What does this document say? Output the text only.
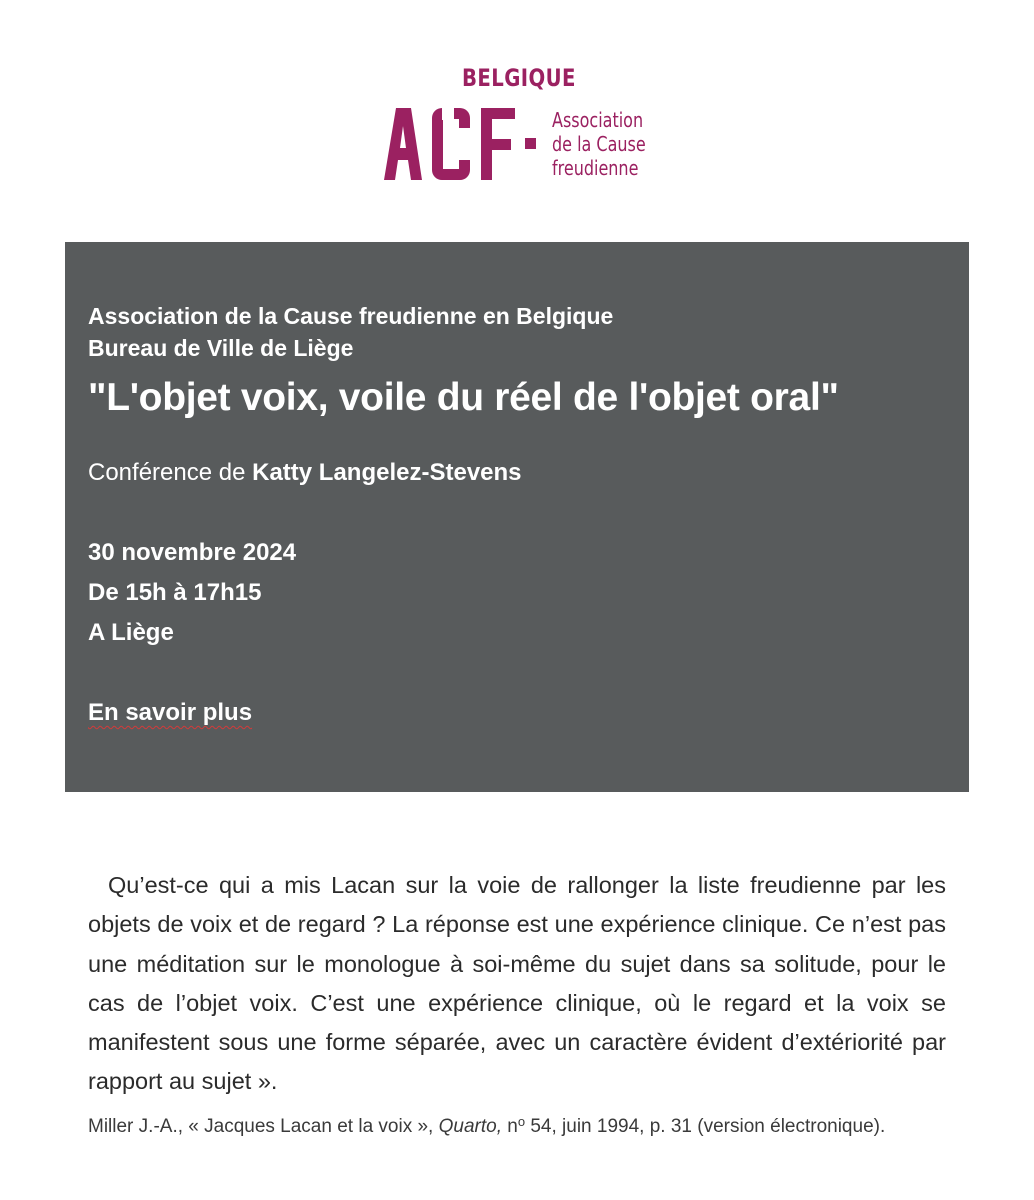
BELGIQUE
Association
de la Cause
freudienne
Association de la Cause freudienne en Belgique
Bureau de Ville de Liège
"L'objet voix, voile du réel de l'objet oral"
Conférence de Katty Langelez-Stevens
30 novembre 2024
De 15h à 17h15
A Liège
En savoir plus

Qu’est-ce qui a mis Lacan sur la voie de rallonger la liste freudienne par les objets de voix et de regard ? La réponse est une expérience clinique. Ce n’est pas une méditation sur le monologue à soi-même du sujet dans sa solitude, pour le cas de l’objet voix. C’est une expérience clinique, où le regard et la voix se manifestent sous une forme séparée, avec un caractère évident d’extériorité par rapport au sujet ».

Miller J.-A., « Jacques Lacan et la voix », Quarto, $n^o$ 54, juin 1994, p. 31 (version électronique).
